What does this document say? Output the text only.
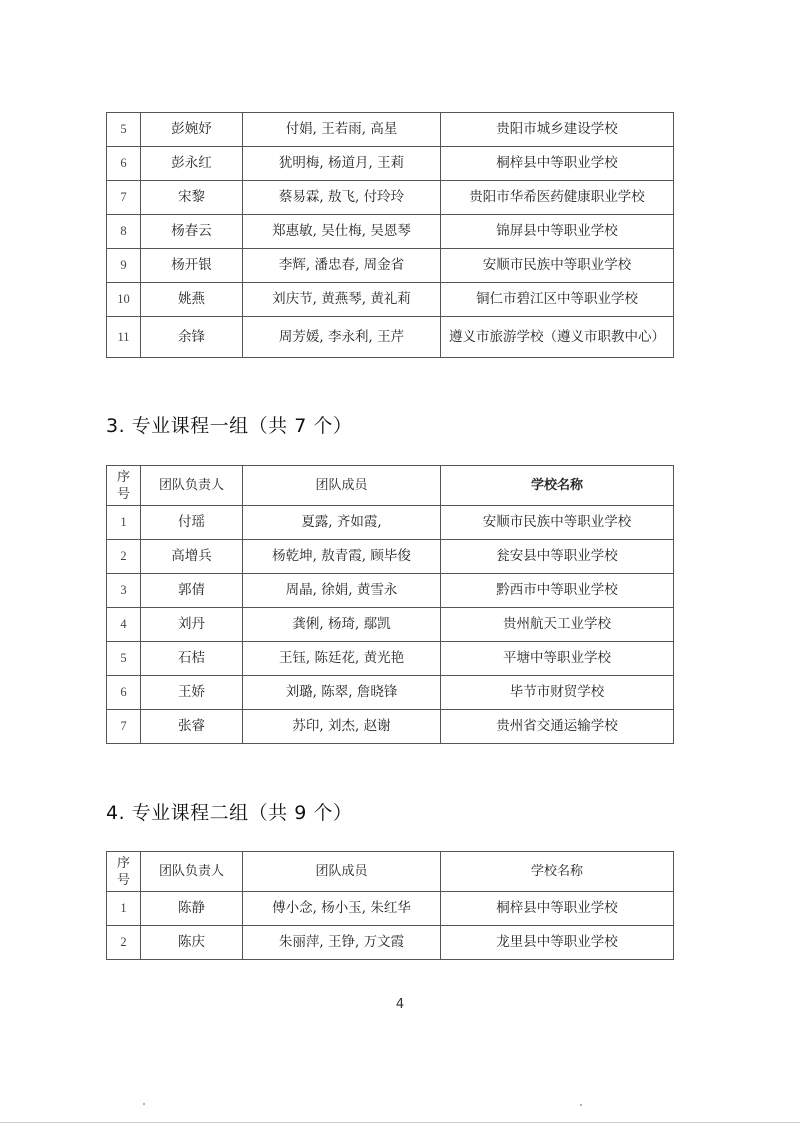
5	彭婉妤	付娟, 王若雨, 高星	贵阳市城乡建设学校
6	彭永红	犹明梅, 杨道月, 王莉	桐梓县中等职业学校
7	宋黎	蔡易霖, 敖飞, 付玲玲	贵阳市华希医药健康职业学校
8	杨春云	郑惠敏, 吴仕梅, 吴恩琴	锦屏县中等职业学校
9	杨开银	李辉, 潘忠春, 周金省	安顺市民族中等职业学校
10	姚燕	刘庆节, 黄燕琴, 黄礼莉	铜仁市碧江区中等职业学校
11	余锋	周芳媛, 李永利, 王芹	遵义市旅游学校（遵义市职教中心）
3. 专业课程一组（共 7 个）
序号	团队负责人	团队成员	学校名称
1	付瑶	夏露, 齐如霞,	安顺市民族中等职业学校
2	高增兵	杨乾坤, 敖青霞, 顾毕俊	瓮安县中等职业学校
3	郭倩	周晶, 徐娟, 黄雪永	黔西市中等职业学校
4	刘丹	龚俐, 杨琦, 鄢凯	贵州航天工业学校
5	石桔	王钰, 陈廷花, 黄光艳	平塘中等职业学校
6	王娇	刘璐, 陈翠, 詹晓锋	毕节市财贸学校
7	张睿	苏印, 刘杰, 赵谢	贵州省交通运输学校
4. 专业课程二组（共 9 个）
序号	团队负责人	团队成员	学校名称
1	陈静	傅小念, 杨小玉, 朱红华	桐梓县中等职业学校
2	陈庆	朱丽萍, 王铮, 万文霞	龙里县中等职业学校
4
